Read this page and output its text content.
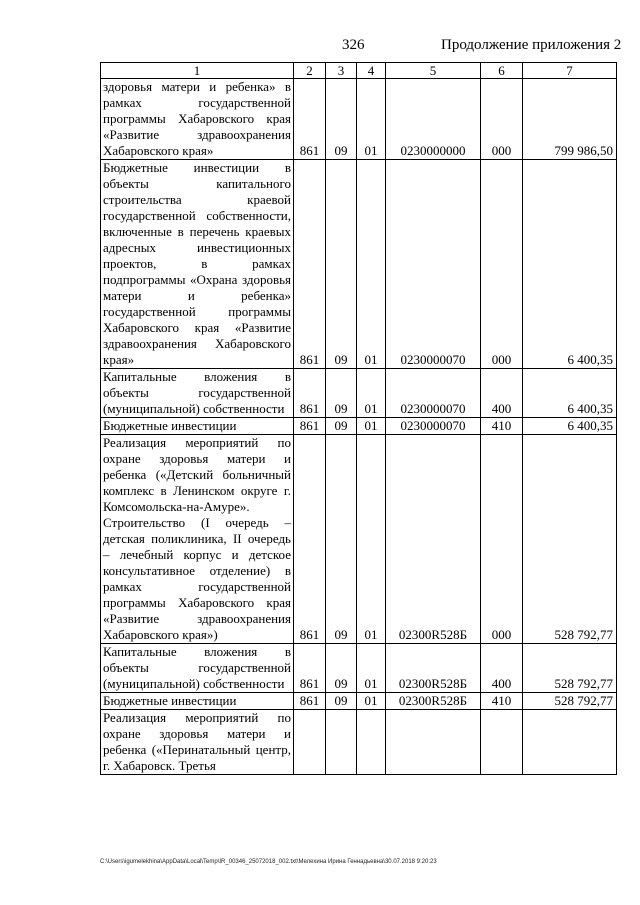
326	Продолжение приложения 2
1	2	3	4	5	6	7
здоровья матери и ребенка» в рамках государственной программы Хабаровского края «Развитие здравоохранения Хабаровского края»	861	09	01	0230000000	000	799 986,50
Бюджетные инвестиции в объекты капитального строительства краевой государственной собственности, включенные в перечень краевых адресных инвестиционных проектов, в рамках подпрограммы «Охрана здоровья матери и ребенка» государственной программы Хабаровского края «Развитие здравоохранения Хабаровского края»	861	09	01	0230000070	000	6 400,35
Капитальные вложения в объекты государственной (муниципальной) собственности	861	09	01	0230000070	400	6 400,35
Бюджетные инвестиции	861	09	01	0230000070	410	6 400,35
Реализация мероприятий по охране здоровья матери и ребенка («Детский больничный комплекс в Ленинском округе г. Комсомольска-на-Амуре». Строительство (I очередь – детская поликлиника, II очередь – лечебный корпус и детское консультативное отделение) в рамках государственной программы Хабаровского края «Развитие здравоохранения Хабаровского края»)	861	09	01	02300R528Б	000	528 792,77
Капитальные вложения в объекты государственной (муниципальной) собственности	861	09	01	02300R528Б	400	528 792,77
Бюджетные инвестиции	861	09	01	02300R528Б	410	528 792,77
Реализация мероприятий по охране здоровья матери и ребенка («Перинатальный центр, г. Хабаровск. Третья						
C:\Users\igumelekhina\AppData\Local\Temp\IR_00346_25072018_002.txt\Мелехина Ирина Геннадьевна\30.07.2018 9:20:23
